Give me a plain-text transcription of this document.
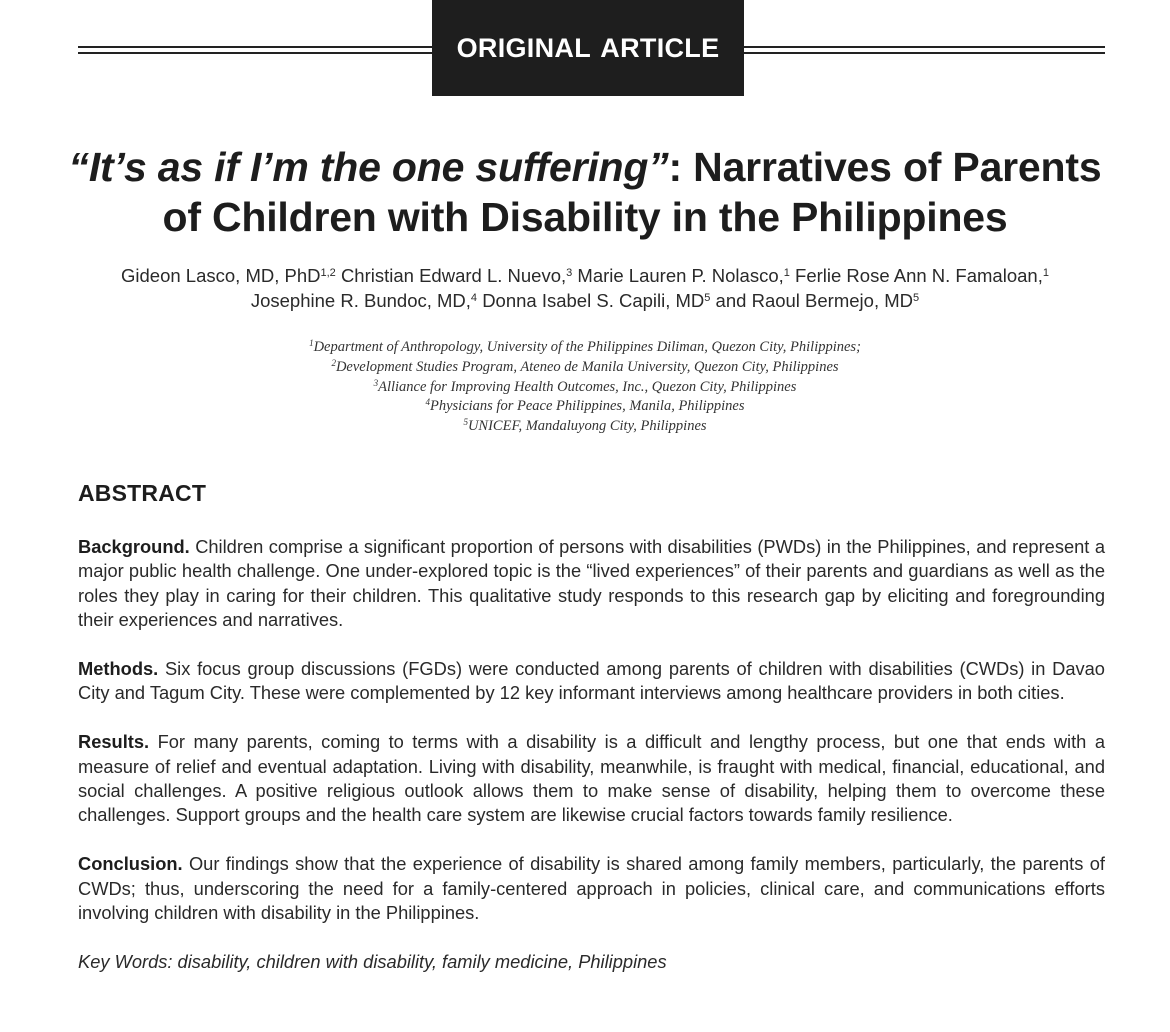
ORIGINAL ARTICLE
“It’s as if I’m the one suffering”: Narratives of Parents of Children with Disability in the Philippines
Gideon Lasco, MD, PhD$^{1,2}$ Christian Edward L. Nuevo,$^3$ Marie Lauren P. Nolasco,$^1$ Ferlie Rose Ann N. Famaloan,$^1$
Josephine R. Bundoc, MD,$^4$ Donna Isabel S. Capili, $MD^5$ and Raoul Bermejo, $MD^5$
$^1$Department of Anthropology, University of the Philippines Diliman, Quezon City, Philippines;
$^2$Development Studies Program, Ateneo de Manila University, Quezon City, Philippines
$^3$Alliance for Improving Health Outcomes, Inc., Quezon City, Philippines
$^4$Physicians for Peace Philippines, Manila, Philippines
$^5$UNICEF, Mandaluyong City, Philippines
ABSTRACT

Background. Children comprise a significant proportion of persons with disabilities (PWDs) in the Philippines, and represent a major public health challenge. One under-explored topic is the “lived experiences” of their parents and guardians as well as the roles they play in caring for their children. This qualitative study responds to this research gap by eliciting and foregrounding their experiences and narratives.

Methods. Six focus group discussions (FGDs) were conducted among parents of children with disabilities (CWDs) in Davao City and Tagum City. These were complemented by 12 key informant interviews among healthcare providers in both cities.

Results. For many parents, coming to terms with a disability is a difficult and lengthy process, but one that ends with a measure of relief and eventual adaptation. Living with disability, meanwhile, is fraught with medical, financial, educational, and social challenges. A positive religious outlook allows them to make sense of disability, helping them to overcome these challenges. Support groups and the health care system are likewise crucial factors towards family resilience.

Conclusion. Our findings show that the experience of disability is shared among family members, particularly, the parents of CWDs; thus, underscoring the need for a family-centered approach in policies, clinical care, and communications efforts involving children with disability in the Philippines.

Key Words: disability, children with disability, family medicine, Philippines
